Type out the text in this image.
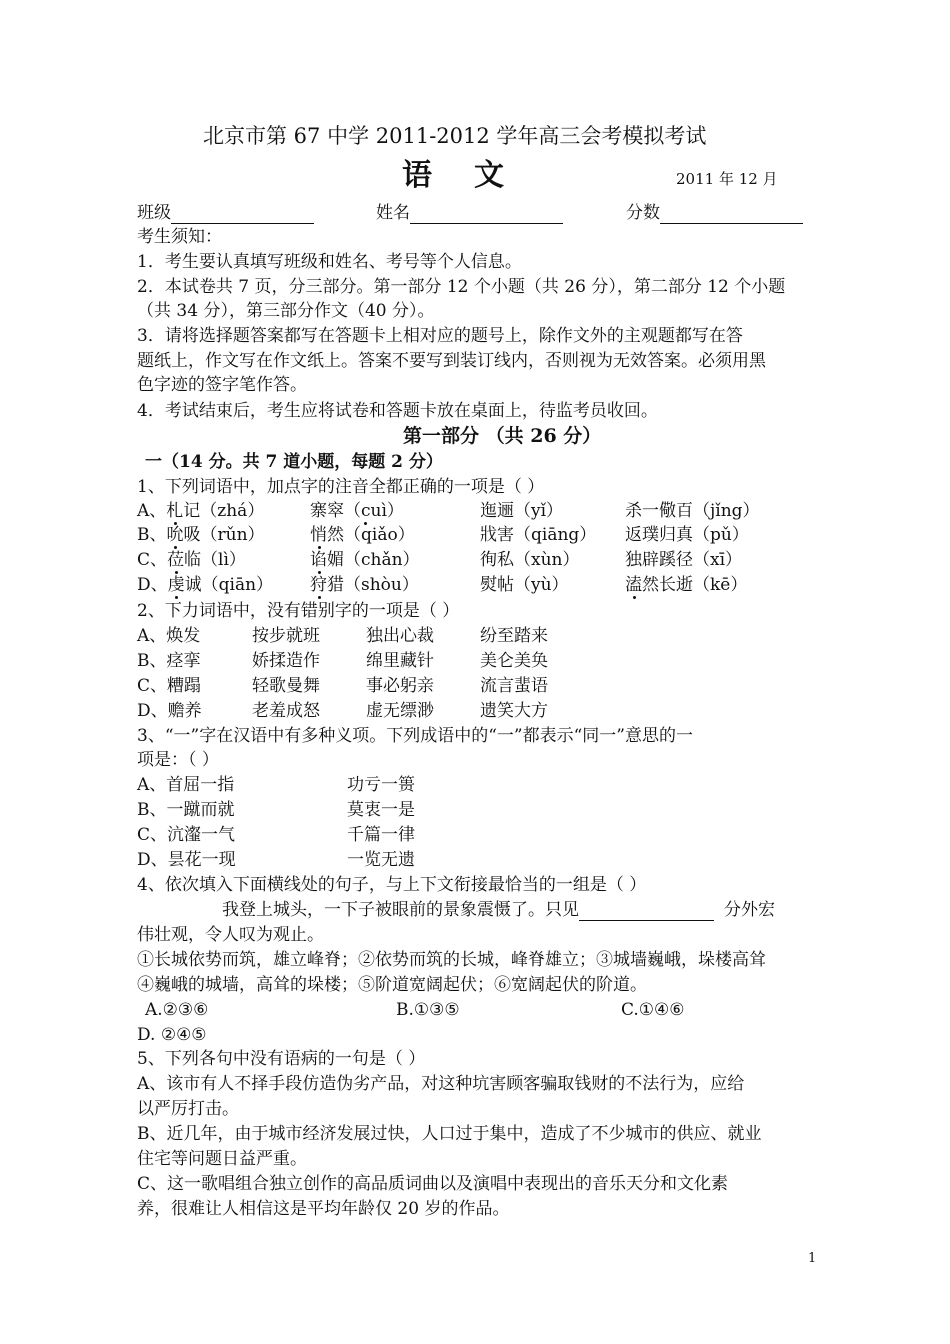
北京市第 67 中学 2011-2012 学年高三会考模拟考试
语文	2011 年 12 月
班级	姓名	分数
考生须知：
1．考生要认真填写班级和姓名、考号等个人信息。
2．本试卷共 7 页，分三部分。第一部分 12 个小题（共 26 分），第二部分 12 个小题
（共 34 分），第三部分作文（40 分）。
3．请将选择题答案都写在答题卡上相对应的题号上，除作文外的主观题都写在答
题纸上，作文写在作文纸上。答案不要写到装订线内，否则视为无效答案。必须用黑
色字迹的签字笔作答。
4．考试结束后，考生应将试卷和答题卡放在桌面上，待监考员收回。
第一部分 （共 26 分）
一（14 分。共 7 道小题，每题 2 分）
1、下列词语中，加点字的注音全都正确的一项是（ ）
A、札记（zhá）	寨窣（cuì）	迤逦（yǐ）	杀一儆百（jǐng）
B、吮吸（rǔn）	悄然（qiǎo）	戕害（qiāng） 返璞归真（pǔ）
C、莅临（lì）	谄媚（chǎn）	徇私（xùn）	独辟蹊径（xī）
D、虔诚（qiān） 狩猎（shòu）	熨帖（yù）	溘然长逝（kē）
2、下力词语中，没有错别字的一项是（ ）
A、焕发	按步就班	独出心裁	纷至踏来
B、痉挛	娇揉造作	绵里藏针	美仑美奂
C、糟蹋	轻歌曼舞	事必躬亲	流言蜚语
D、赡养	老羞成怒	虚无缥渺	遗笑大方
3、“一”字在汉语中有多种义项。下列成语中的“一”都表示“同一”意思的一
项是：（ ）
A、首屈一指	功亏一篑
B、一蹴而就	莫衷一是
C、沆瀣一气	千篇一律
D、昙花一现	一览无遗
4、依次填入下面横线处的句子，与上下文衔接最恰当的一组是（ ）
我登上城头，一下子被眼前的景象震慑了。只见	分外宏
伟壮观，令人叹为观止。
①长城依势而筑，雄立峰脊；②依势而筑的长城，峰脊雄立；③城墙巍峨，垛楼高耸
④巍峨的城墙，高耸的垛楼；⑤阶道宽阔起伏；⑥宽阔起伏的阶道。
A.②③⑥	B.①③⑤	C.①④⑥
D. ②④⑤
5、下列各句中没有语病的一句是（ ）
A、该市有人不择手段仿造伪劣产品，对这种坑害顾客骗取钱财的不法行为，应给
以严厉打击。
B、近几年，由于城市经济发展过快，人口过于集中，造成了不少城市的供应、就业
住宅等问题日益严重。
C、这一歌唱组合独立创作的高品质词曲以及演唱中表现出的音乐天分和文化素
养，很难让人相信这是平均年龄仅 20 岁的作品。
1
